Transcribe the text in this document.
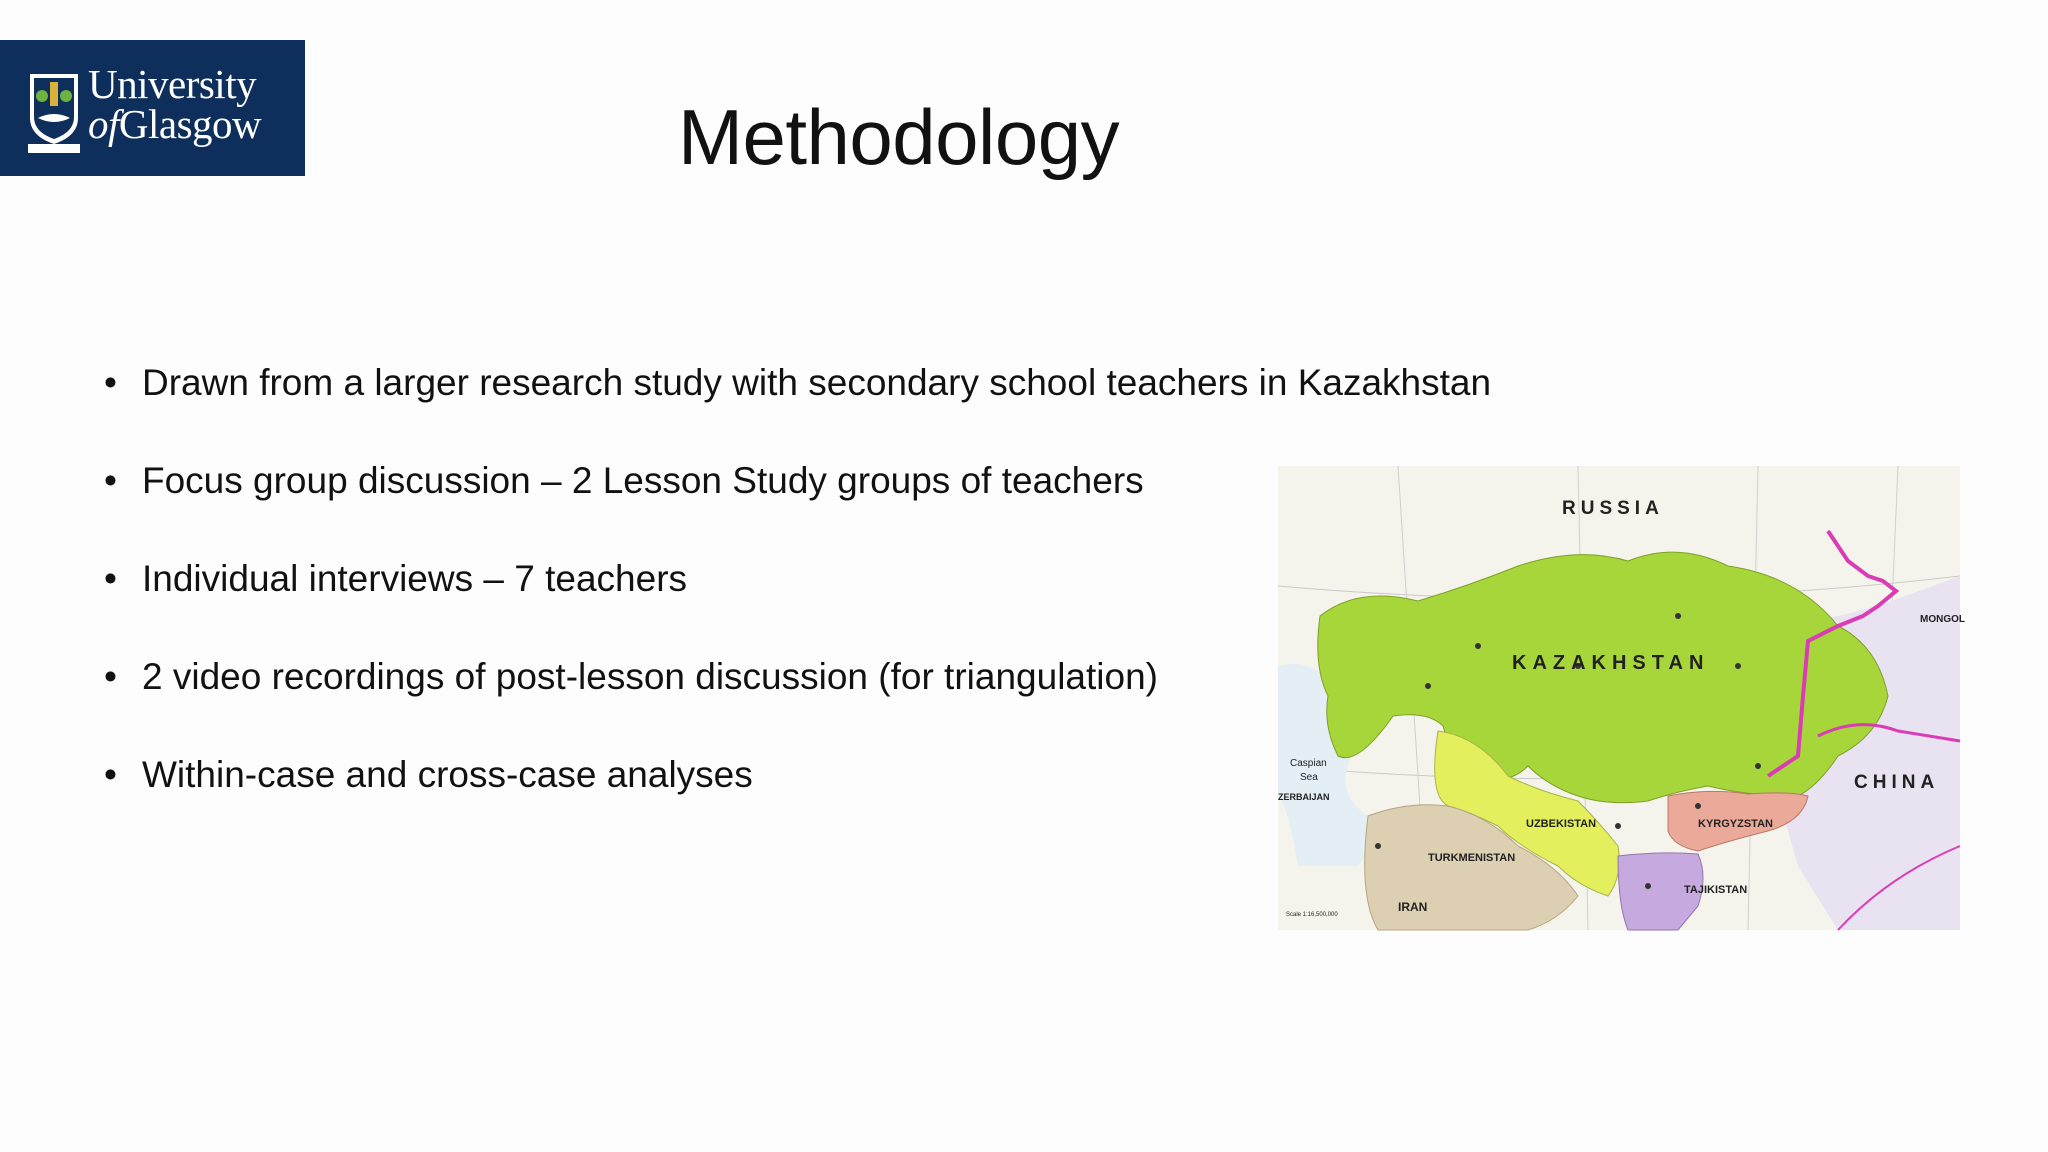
University
ofGlasgow	Methodology
• Drawn from a larger research study with secondary school teachers in Kazakhstan
• Focus group discussion – 2 Lesson Study groups of teachers
• Individual interviews – 7 teachers
• 2 video recordings of post-lesson discussion (for triangulation)
• Within-case and cross-case analyses
RUSSIA
KAZAKHSTAN
CHINA
UZBEKISTAN	KYRGYZSTAN
TURKMENISTAN
TAJIKISTAN
IRAN
MONGOL
Caspian
Sea
ZERBAIJAN
Scale 1:16,500,000
